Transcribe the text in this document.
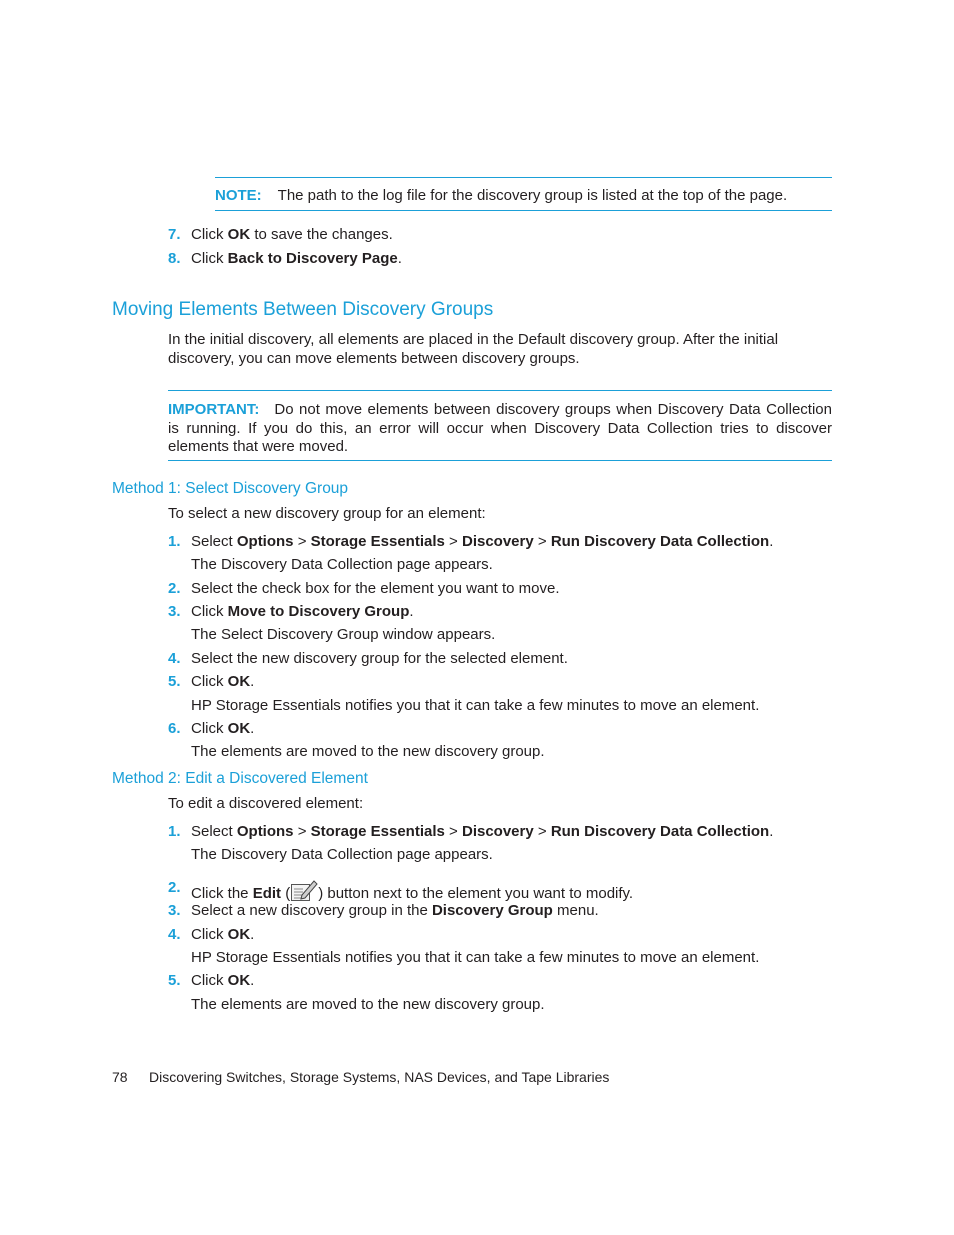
NOTE: The path to the log file for the discovery group is listed at the top of the page.
7. Click OK to save the changes.
8. Click Back to Discovery Page.
Moving Elements Between Discovery Groups
In the initial discovery, all elements are placed in the Default discovery group. After the initial discovery, you can move elements between discovery groups.
IMPORTANT: Do not move elements between discovery groups when Discovery Data Collection is running. If you do this, an error will occur when Discovery Data Collection tries to discover elements that were moved.
Method 1: Select Discovery Group
To select a new discovery group for an element:
1. Select Options > Storage Essentials > Discovery > Run Discovery Data Collection.
The Discovery Data Collection page appears.
2. Select the check box for the element you want to move.
3. Click Move to Discovery Group.
The Select Discovery Group window appears.
4. Select the new discovery group for the selected element.
5. Click OK.
HP Storage Essentials notifies you that it can take a few minutes to move an element.
6. Click OK.
The elements are moved to the new discovery group.
Method 2: Edit a Discovered Element
To edit a discovered element:
1. Select Options > Storage Essentials > Discovery > Run Discovery Data Collection.
The Discovery Data Collection page appears.
2. Click the Edit ( ) button next to the element you want to modify.
3. Select a new discovery group in the Discovery Group menu.
4. Click OK.
HP Storage Essentials notifies you that it can take a few minutes to move an element.
5. Click OK.
The elements are moved to the new discovery group.
78 Discovering Switches, Storage Systems, NAS Devices, and Tape Libraries
